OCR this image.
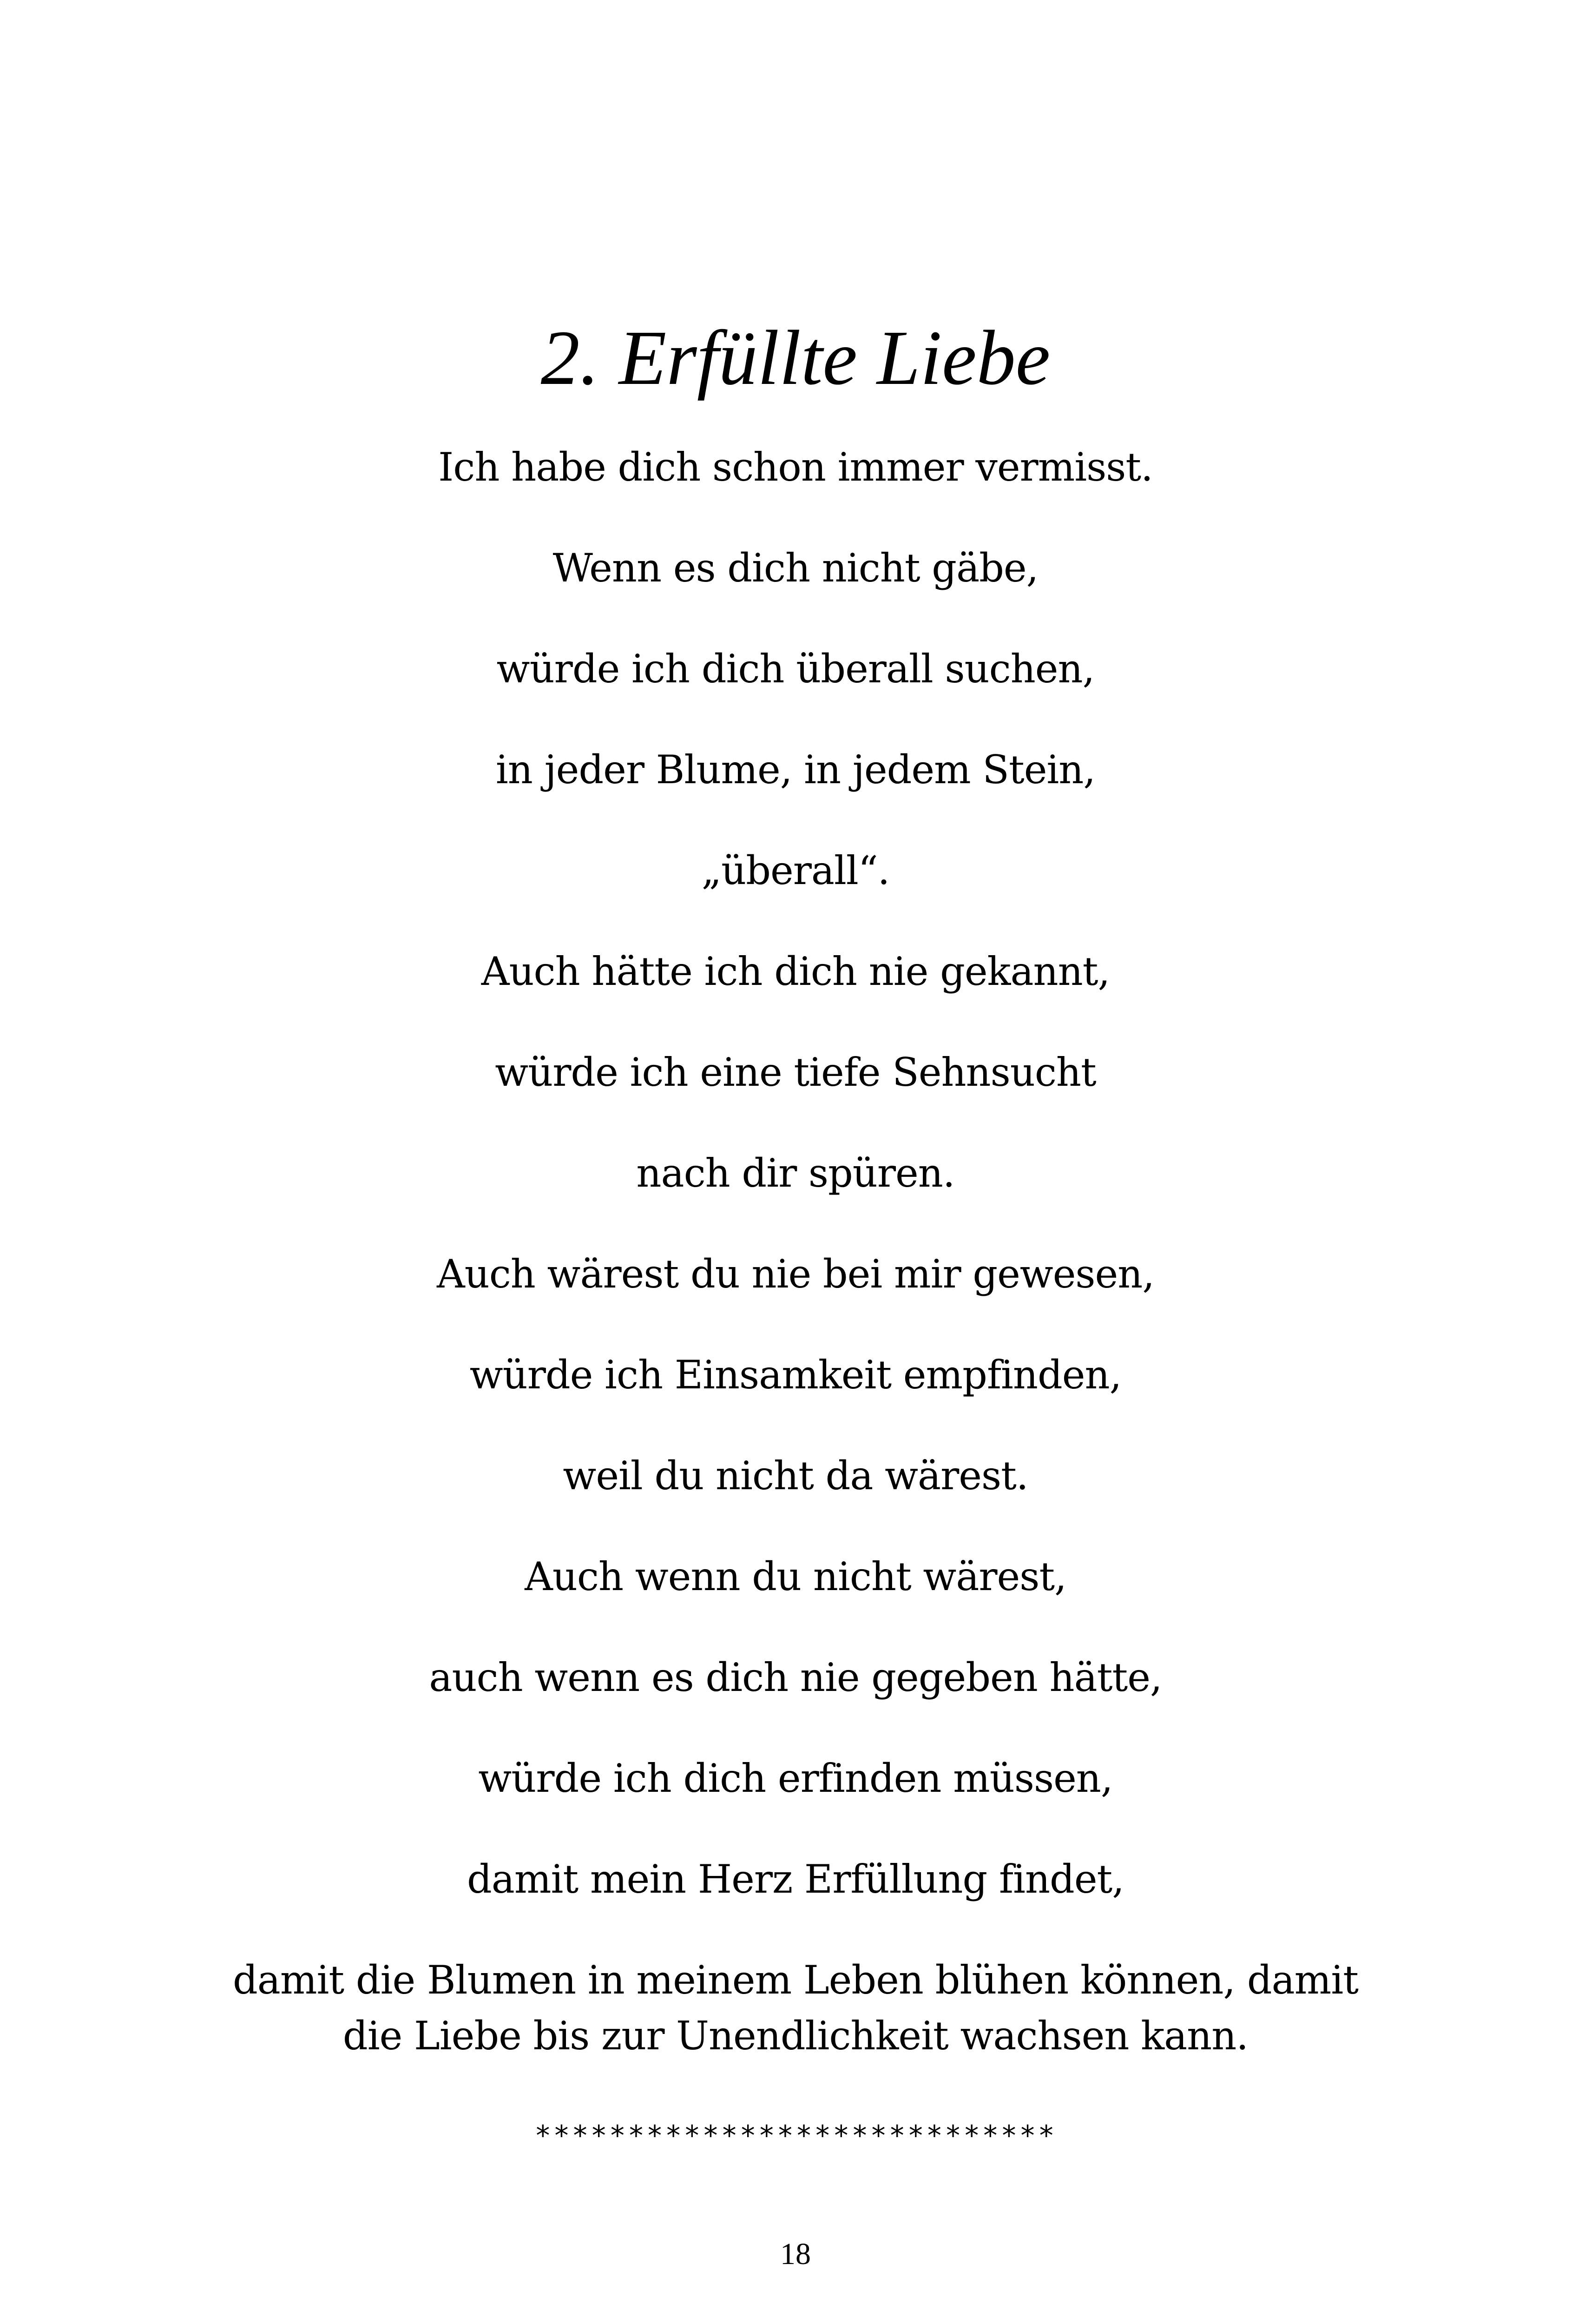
2. Erfüllte Liebe
Ich habe dich schon immer vermisst.
Wenn es dich nicht gäbe,
würde ich dich überall suchen,
in jeder Blume, in jedem Stein,
„überall“.
Auch hätte ich dich nie gekannt,
würde ich eine tiefe Sehnsucht
nach dir spüren.
Auch wärest du nie bei mir gewesen,
würde ich Einsamkeit empfinden,
weil du nicht da wärest.
Auch wenn du nicht wärest,
auch wenn es dich nie gegeben hätte,
würde ich dich erfinden müssen,
damit mein Herz Erfüllung findet,
damit die Blumen in meinem Leben blühen können, damit
die Liebe bis zur Unendlichkeit wachsen kann.
****************************
18
